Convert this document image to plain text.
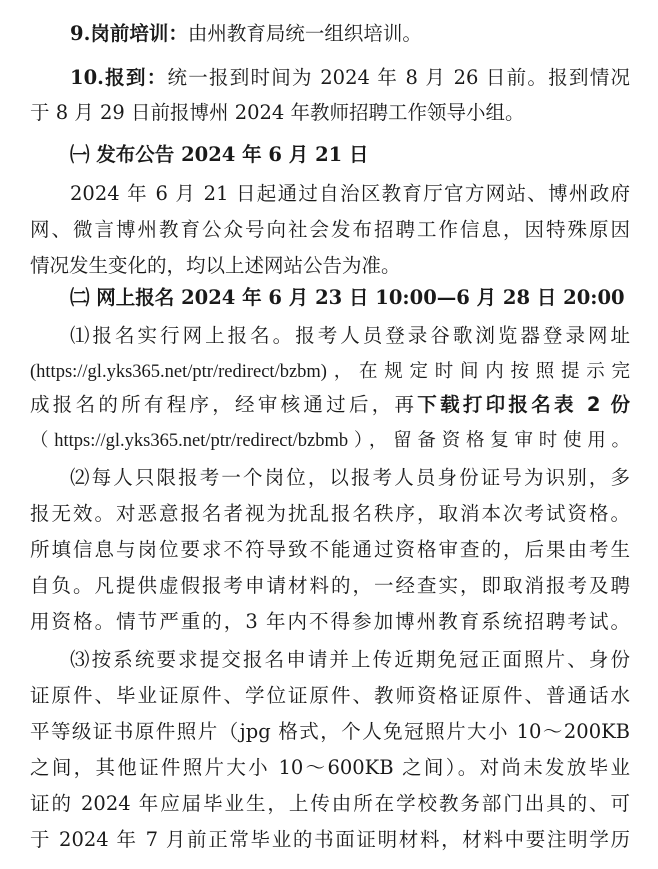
9.岗前培训：由州教育局统一组织培训。
10.报到：统一报到时间为 2024 年 8 月 26 日前。报到情况
于 8 月 29 日前报博州 2024 年教师招聘工作领导小组。
㈠ 发布公告 2024 年 6 月 21 日
2024 年 6 月 21 日起通过自治区教育厅官方网站、博州政府
网、微言博州教育公众号向社会发布招聘工作信息，因特殊原因
情况发生变化的，均以上述网站公告为准。
㈡ 网上报名 2024 年 6 月 23 日 10:00—6 月 28 日 20:00
⑴报名实行网上报名。报考人员登录谷歌浏览器登录网址
(https://gl.yks365.net/ptr/redirect/bzbm)，在规定时间内按照提示完
成报名的所有程序，经审核通过后，再下载打印报名表 2 份
（https://gl.yks365.net/ptr/redirect/bzbmb），留备资格复审时使用。
⑵每人只限报考一个岗位，以报考人员身份证号为识别，多
报无效。对恶意报名者视为扰乱报名秩序，取消本次考试资格。
所填信息与岗位要求不符导致不能通过资格审查的，后果由考生
自负。凡提供虚假报考申请材料的，一经查实，即取消报考及聘
用资格。情节严重的，3 年内不得参加博州教育系统招聘考试。
⑶按系统要求提交报名申请并上传近期免冠正面照片、身份
证原件、毕业证原件、学位证原件、教师资格证原件、普通话水
平等级证书原件照片（jpg 格式，个人免冠照片大小 10～200KB
之间，其他证件照片大小 10～600KB 之间）。对尚未发放毕业
证的 2024 年应届毕业生，上传由所在学校教务部门出具的、可
于 2024 年 7 月前正常毕业的书面证明材料，材料中要注明学历
